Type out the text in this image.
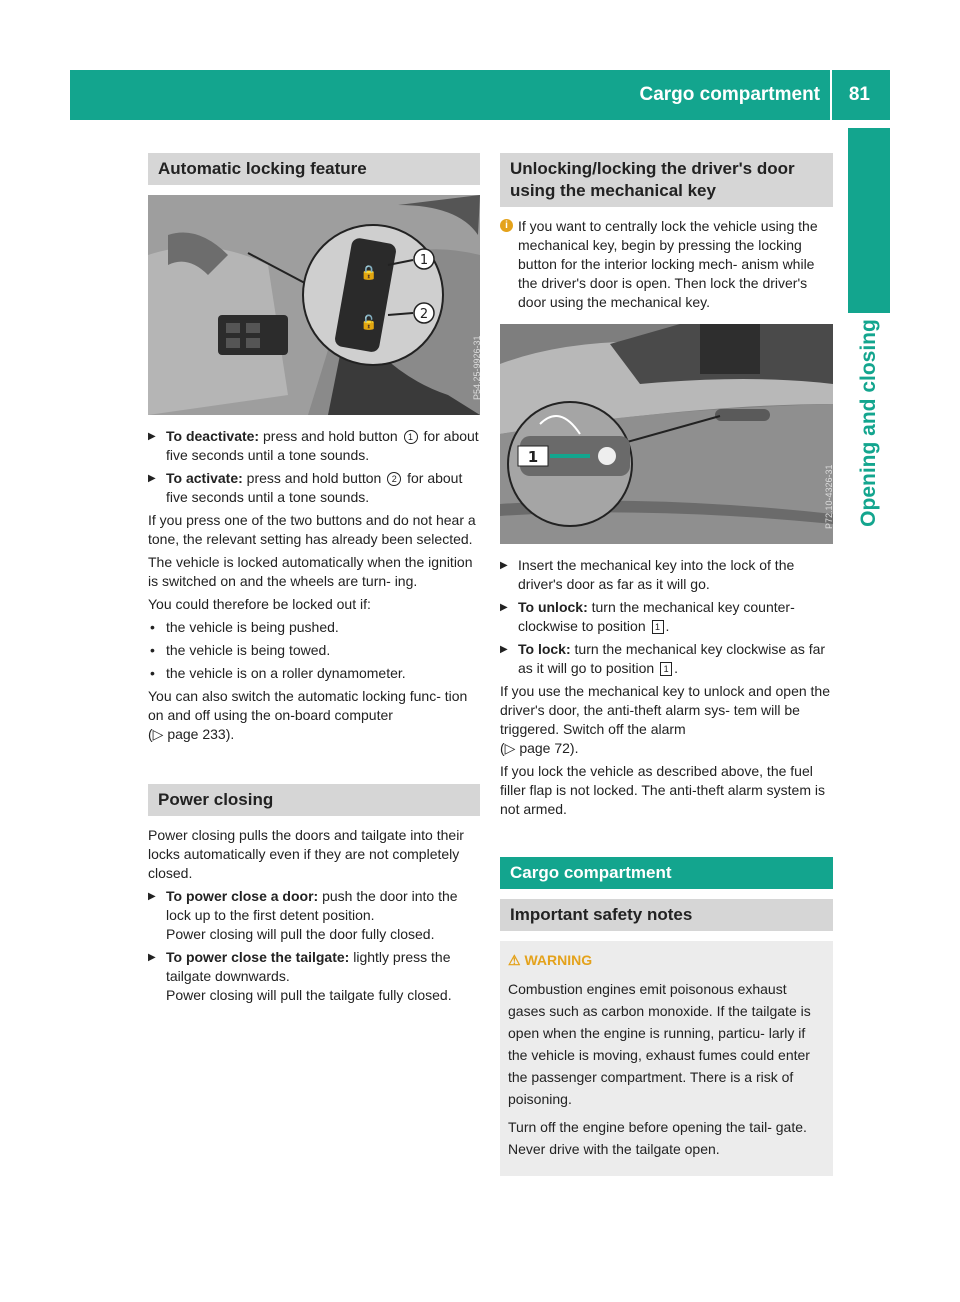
Cargo compartment 81
Opening and closing
Automatic locking feature
🔒
🔓
1
2
P54.25-9926-31
▶ To deactivate: press and hold button 1 for about five seconds until a tone sounds.
▶ To activate: press and hold button 2 for about five seconds until a tone sounds.

If you press one of the two buttons and do not hear a tone, the relevant setting has already been selected.

The vehicle is locked automatically when the ignition is switched on and the wheels are turn- ing.

You could therefore be locked out if:

• the vehicle is being pushed.
• the vehicle is being towed.
• the vehicle is on a roller dynamometer.

You can also switch the automatic locking func- tion on and off using the on-board computer
(▷ page 233).

Power closing

Power closing pulls the doors and tailgate into their locks automatically even if they are not completely closed.

▶ To power close a door: push the door into the lock up to the first detent position.
Power closing will pull the door fully closed.
▶ To power close the tailgate: lightly press the tailgate downwards.
Power closing will pull the tailgate fully closed.
Unlocking/locking the driver's door using the mechanical key
i If you want to centrally lock the vehicle using the mechanical key, begin by pressing the locking button for the interior locking mech- anism while the driver's door is open. Then lock the driver's door using the mechanical key.
1
P72.10-4326-31
▶ Insert the mechanical key into the lock of the driver's door as far as it will go.
▶ To unlock: turn the mechanical key counter- clockwise to position 1 .
▶ To lock: turn the mechanical key clockwise as far as it will go to position 1 .

If you use the mechanical key to unlock and open the driver's door, the anti-theft alarm sys- tem will be triggered. Switch off the alarm
(▷ page 72).

If you lock the vehicle as described above, the fuel filler flap is not locked. The anti-theft alarm system is not armed.

Cargo compartment
Important safety notes
⚠ WARNING

Combustion engines emit poisonous exhaust gases such as carbon monoxide. If the tailgate is open when the engine is running, particu- larly if the vehicle is moving, exhaust fumes could enter the passenger compartment. There is a risk of poisoning.

Turn off the engine before opening the tail- gate. Never drive with the tailgate open.
